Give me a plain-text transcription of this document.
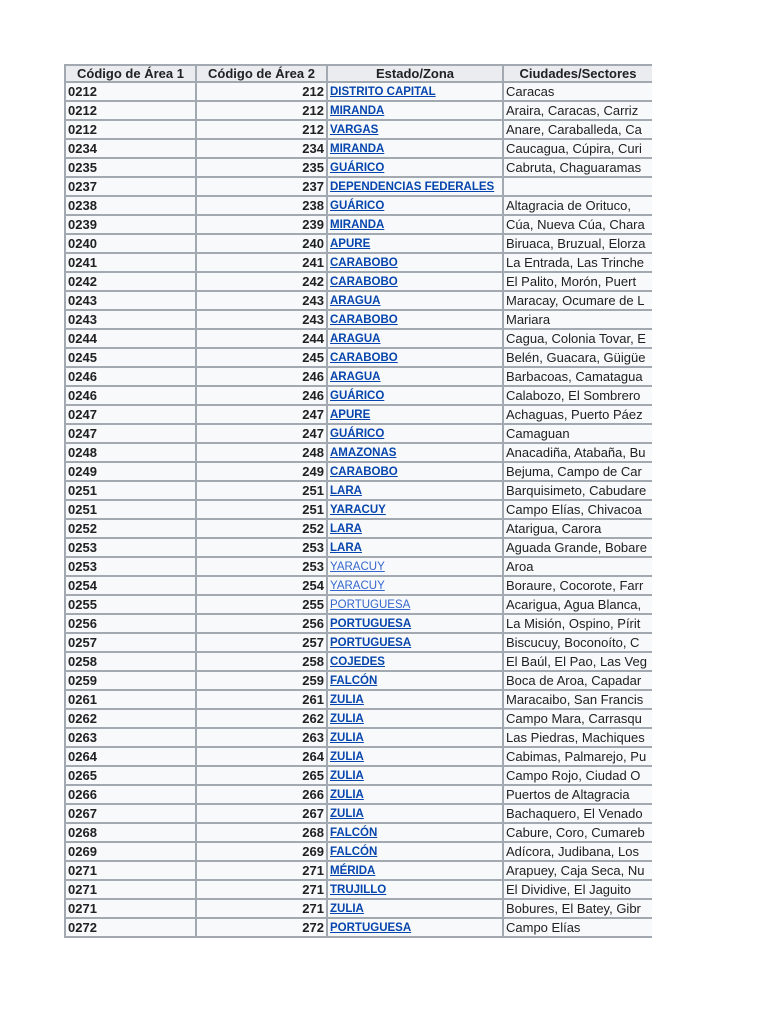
Código de Área 1	Código de Área 2	Estado/Zona	Ciudades/Sectores
0212	212	DISTRITO CAPITAL	Caracas
0212	212	MIRANDA	Araira, Caracas, Carriz
0212	212	VARGAS	Anare, Caraballeda, Ca
0234	234	MIRANDA	Caucagua, Cúpira, Curi
0235	235	GUÁRICO	Cabruta, Chaguaramas
0237	237	DEPENDENCIAS FEDERALES	
0238	238	GUÁRICO	Altagracia de Orituco,
0239	239	MIRANDA	Cúa, Nueva Cúa, Chara
0240	240	APURE	Biruaca, Bruzual, Elorza
0241	241	CARABOBO	La Entrada, Las Trinche
0242	242	CARABOBO	El Palito, Morón, Puert
0243	243	ARAGUA	Maracay, Ocumare de L
0243	243	CARABOBO	Mariara
0244	244	ARAGUA	Cagua, Colonia Tovar, E
0245	245	CARABOBO	Belén, Guacara, Güigüe
0246	246	ARAGUA	Barbacoas, Camatagua
0246	246	GUÁRICO	Calabozo, El Sombrero
0247	247	APURE	Achaguas, Puerto Páez
0247	247	GUÁRICO	Camaguan
0248	248	AMAZONAS	Anacadiña, Atabaña, Bu
0249	249	CARABOBO	Bejuma, Campo de Car
0251	251	LARA	Barquisimeto, Cabudare
0251	251	YARACUY	Campo Elías, Chivacoa
0252	252	LARA	Atarigua, Carora
0253	253	LARA	Aguada Grande, Bobare
0253	253	YARACUY	Aroa
0254	254	YARACUY	Boraure, Cocorote, Farr
0255	255	PORTUGUESA	Acarigua, Agua Blanca,
0256	256	PORTUGUESA	La Misión, Ospino, Pírit
0257	257	PORTUGUESA	Biscucuy, Boconoíto, C
0258	258	COJEDES	El Baúl, El Pao, Las Veg
0259	259	FALCÓN	Boca de Aroa, Capadar
0261	261	ZULIA	Maracaibo, San Francis
0262	262	ZULIA	Campo Mara, Carrasqu
0263	263	ZULIA	Las Piedras, Machiques
0264	264	ZULIA	Cabimas, Palmarejo, Pu
0265	265	ZULIA	Campo Rojo, Ciudad O
0266	266	ZULIA	Puertos de Altagracia
0267	267	ZULIA	Bachaquero, El Venado
0268	268	FALCÓN	Cabure, Coro, Cumareb
0269	269	FALCÓN	Adícora, Judibana, Los
0271	271	MÉRIDA	Arapuey, Caja Seca, Nu
0271	271	TRUJILLO	El Dividive, El Jaguito
0271	271	ZULIA	Bobures, El Batey, Gibr
0272	272	PORTUGUESA	Campo Elías
